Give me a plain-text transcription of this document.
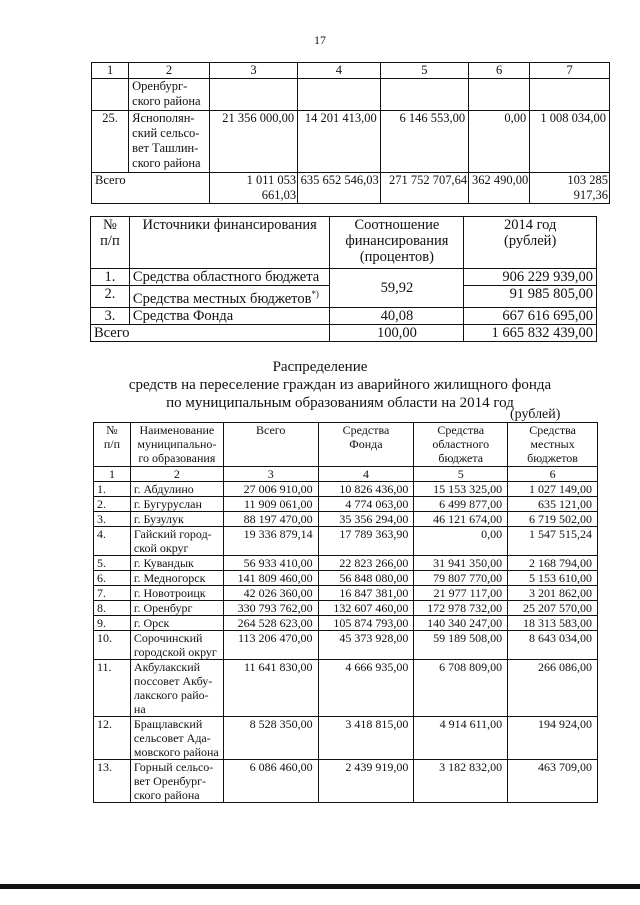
17
1	2	3	4	5	6	7
	Оренбург-
ского района					
25.	Яснополян-
ский сельсо-
вет Ташлин-
ского района	21 356 000,00	14 201 413,00	6 146 553,00	0,00	1 008 034,00
Всего		1 011 053 661,03	635 652 546,03	271 752 707,64	362 490,00	103 285 917,36
№
п/п	Источники финансирования	Соотношение
финансирования
(процентов)	2014 год
(рублей)
1.	Средства областного бюджета	59,92	906 229 939,00
2.	Средства местных бюджетов*)		91 985 805,00
3.	Средства Фонда	40,08	667 616 695,00
Всего		100,00	1 665 832 439,00
Распределение
средств на переселение граждан из аварийного жилищного фонда
по муниципальным образованиям области на 2014 год
(рублей)
№
п/п	Наименование
муниципально-
го образования	Всего	Средства
Фонда	Средства
областного
бюджета	Средства
местных
бюджетов
1	2	3	4	5	6
1.	г. Абдулино	27 006 910,00	10 826 436,00	15 153 325,00	1 027 149,00
2.	г. Бугуруслан	11 909 061,00	4 774 063,00	6 499 877,00	635 121,00
3.	г. Бузулук	88 197 470,00	35 356 294,00	46 121 674,00	6 719 502,00
4.	Гайский город-
ской округ	19 336 879,14	17 789 363,90	0,00	1 547 515,24
5.	г. Кувандык	56 933 410,00	22 823 266,00	31 941 350,00	2 168 794,00
6.	г. Медногорск	141 809 460,00	56 848 080,00	79 807 770,00	5 153 610,00
7.	г. Новотроицк	42 026 360,00	16 847 381,00	21 977 117,00	3 201 862,00
8.	г. Оренбург	330 793 762,00	132 607 460,00	172 978 732,00	25 207 570,00
9.	г. Орск	264 528 623,00	105 874 793,00	140 340 247,00	18 313 583,00
10.	Сорочинский
городской округ	113 206 470,00	45 373 928,00	59 189 508,00	8 643 034,00
11.	Акбулакский
поссовет Акбу-
лакского райо-
на	11 641 830,00	4 666 935,00	6 708 809,00	266 086,00
12.	Бращлавский
сельсовет Ада-
мовского района	8 528 350,00	3 418 815,00	4 914 611,00	194 924,00
13.	Горный сельсо-
вет Оренбург-
ского района	6 086 460,00	2 439 919,00	3 182 832,00	463 709,00
